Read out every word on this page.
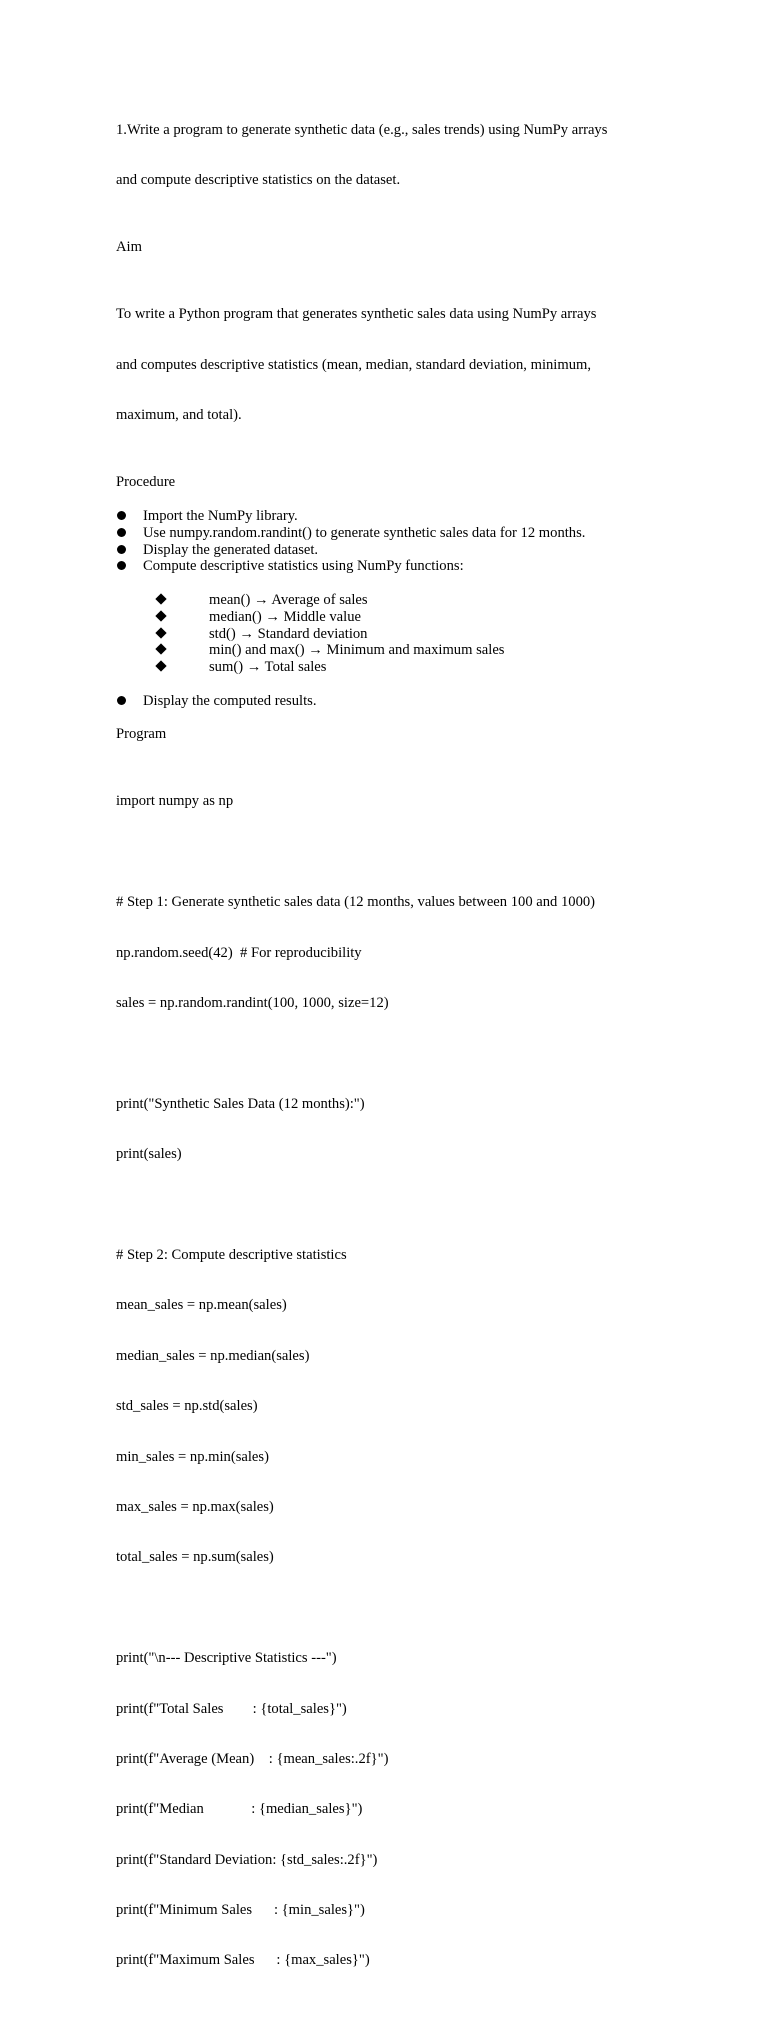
1.Write a program to generate synthetic data (e.g., sales trends) using NumPy arrays

and compute descriptive statistics on the dataset.

Aim

To write a Python program that generates synthetic sales data using NumPy arrays

and computes descriptive statistics (mean, median, standard deviation, minimum,

maximum, and total).

Procedure
Import the NumPy library.
Use numpy.random.randint() to generate synthetic sales data for 12 months.
Display the generated dataset.
Compute descriptive statistics using NumPy functions:
mean() → Average of sales
median() → Middle value
std() → Standard deviation
min() and max() → Minimum and maximum sales
sum() → Total sales
Display the computed results.
Program

import numpy as np

# Step 1: Generate synthetic sales data (12 months, values between 100 and 1000)

np.random.seed(42)  # For reproducibility

sales = np.random.randint(100, 1000, size=12)

print("Synthetic Sales Data (12 months):")

print(sales)

# Step 2: Compute descriptive statistics

mean_sales = np.mean(sales)

median_sales = np.median(sales)

std_sales = np.std(sales)

min_sales = np.min(sales)

max_sales = np.max(sales)

total_sales = np.sum(sales)

print("\n--- Descriptive Statistics ---")

print(f"Total Sales        : {total_sales}")

print(f"Average (Mean)    : {mean_sales:.2f}")

print(f"Median             : {median_sales}")

print(f"Standard Deviation: {std_sales:.2f}")

print(f"Minimum Sales      : {min_sales}")

print(f"Maximum Sales      : {max_sales}")
